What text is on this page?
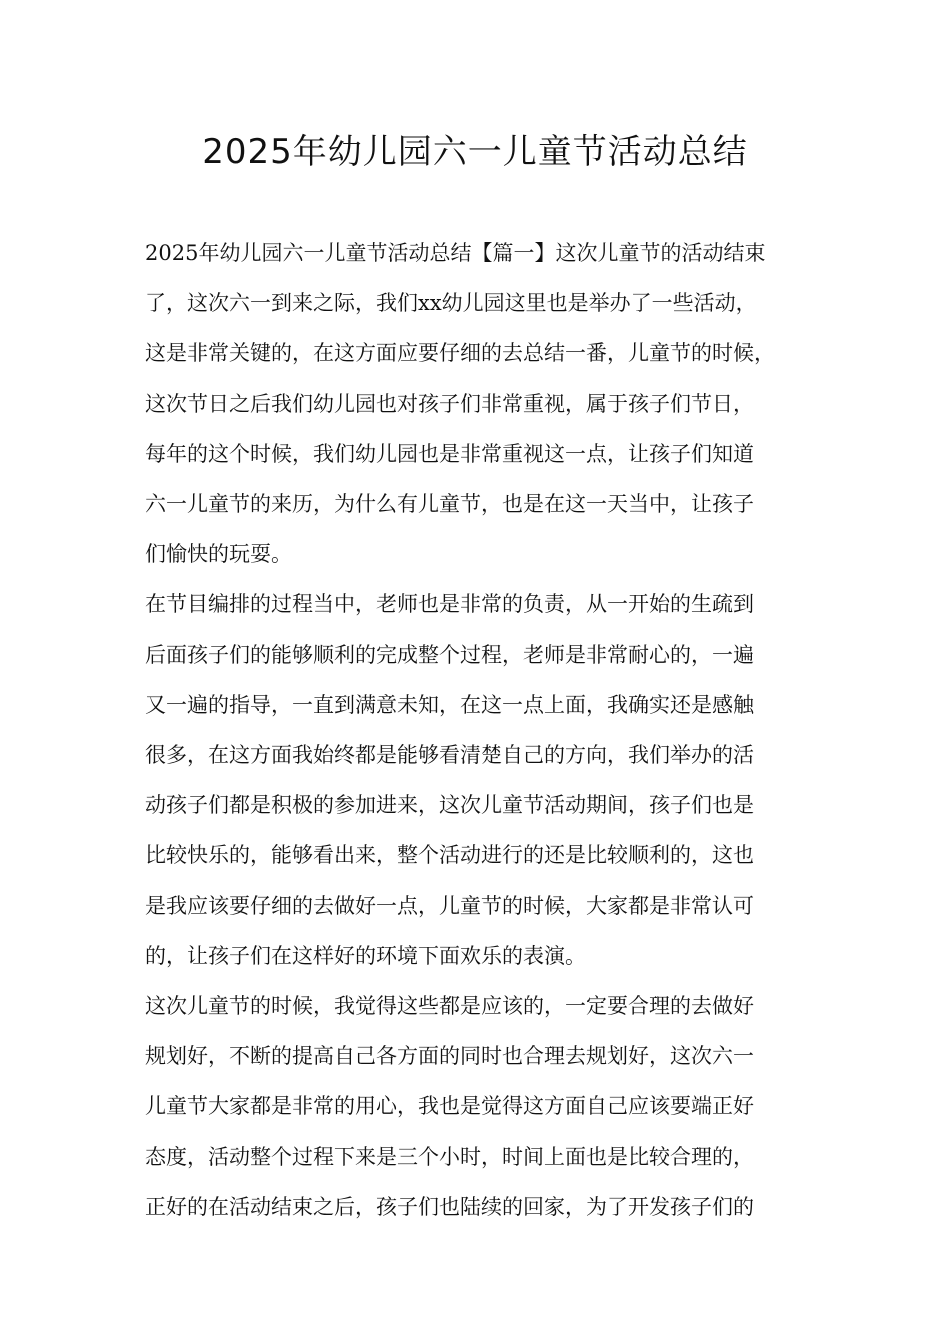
2025年幼儿园六一儿童节活动总结
2025年幼儿园六一儿童节活动总结【篇一】这次儿童节的活动结束
了，这次六一到来之际，我们xx幼儿园这里也是举办了一些活动，
这是非常关键的，在这方面应要仔细的去总结一番，儿童节的时候，
这次节日之后我们幼儿园也对孩子们非常重视，属于孩子们节日，
每年的这个时候，我们幼儿园也是非常重视这一点，让孩子们知道
六一儿童节的来历，为什么有儿童节，也是在这一天当中，让孩子
们愉快的玩耍。
在节目编排的过程当中，老师也是非常的负责，从一开始的生疏到
后面孩子们的能够顺利的完成整个过程，老师是非常耐心的，一遍
又一遍的指导，一直到满意未知，在这一点上面，我确实还是感触
很多，在这方面我始终都是能够看清楚自己的方向，我们举办的活
动孩子们都是积极的参加进来，这次儿童节活动期间，孩子们也是
比较快乐的，能够看出来，整个活动进行的还是比较顺利的，这也
是我应该要仔细的去做好一点，儿童节的时候，大家都是非常认可
的，让孩子们在这样好的环境下面欢乐的表演。
这次儿童节的时候，我觉得这些都是应该的，一定要合理的去做好
规划好，不断的提高自己各方面的同时也合理去规划好，这次六一
儿童节大家都是非常的用心，我也是觉得这方面自己应该要端正好
态度，活动整个过程下来是三个小时，时间上面也是比较合理的，
正好的在活动结束之后，孩子们也陆续的回家，为了开发孩子们的
